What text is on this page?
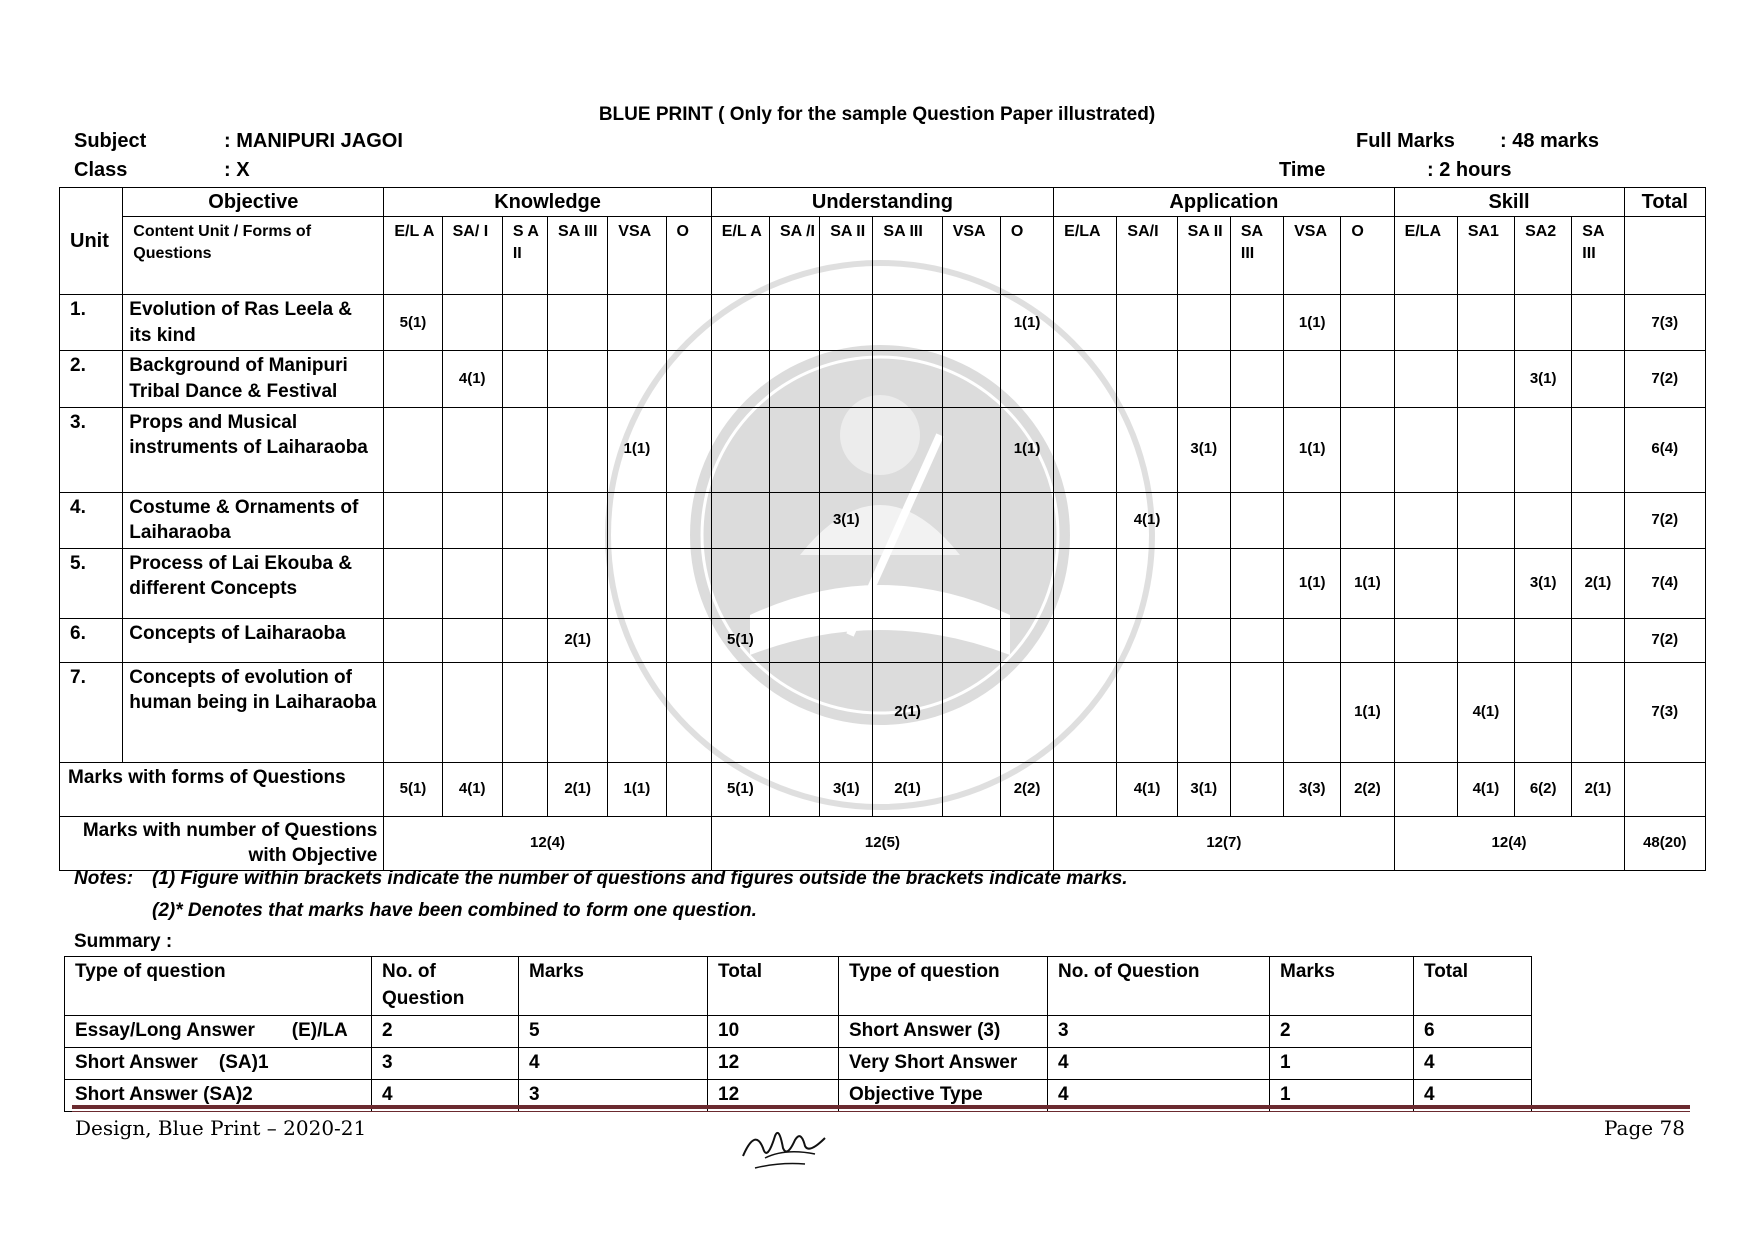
BLUE PRINT ( Only for the sample Question Paper illustrated)
Subject	: MANIPURI JAGOI
Class	: X
Full Marks : 48 marks
Time	: 2 hours
Unit	Objective	Knowledge						Understanding						Application						Skill				Total
	Content Unit / Forms of Questions	E/L A	SA/ I	S A II	SA III	VSA	O	E/L A	SA /I	SA II	SA III	VSA	O	E/LA	SA/I	SA II	SA III	VSA	O	E/LA	SA1	SA2	SA III	
1.	Evolution of Ras Leela & its kind	5(1)											1(1)					1(1)						7(3)
2.	Background of Manipuri Tribal Dance & Festival		4(1)																			3(1)		7(2)
3.	Props and Musical instruments of Laiharaoba					1(1)							1(1)			3(1)		1(1)						6(4)
4.	Costume & Ornaments of Laiharaoba									3(1)					4(1)									7(2)
5.	Process of Lai Ekouba & different Concepts																	1(1)	1(1)			3(1)	2(1)	7(4)
6.	Concepts of Laiharaoba				2(1)			5(1)																7(2)
7.	Concepts of evolution of human being in Laiharaoba										2(1)								1(1)		4(1)			7(3)
Marks with forms of Questions		5(1)	4(1)		2(1)	1(1)		5(1)		3(1)	2(1)		2(2)		4(1)	3(1)		3(3)	2(2)		4(1)	6(2)	2(1)	
Marks with number of Questions with Objective		12(4)						12(5)						12(7)						12(4)				48(20)
Notes: (1) Figure within brackets indicate the number of questions and figures outside the brackets indicate marks.
(2)* Denotes that marks have been combined to form one question.
Summary :
Type of question	No. of Question	Marks	Total	Type of question	No. of Question	Marks	Total
Essay/Long Answer       (E)/LA	2	5	10	Short Answer (3)	3	2	6
Short Answer    (SA)1	3	4	12	Very Short Answer	4	1	4
Short Answer (SA)2	4	3	12	Objective Type	4	1	4
Design, Blue Print – 2020-21	Page 78
